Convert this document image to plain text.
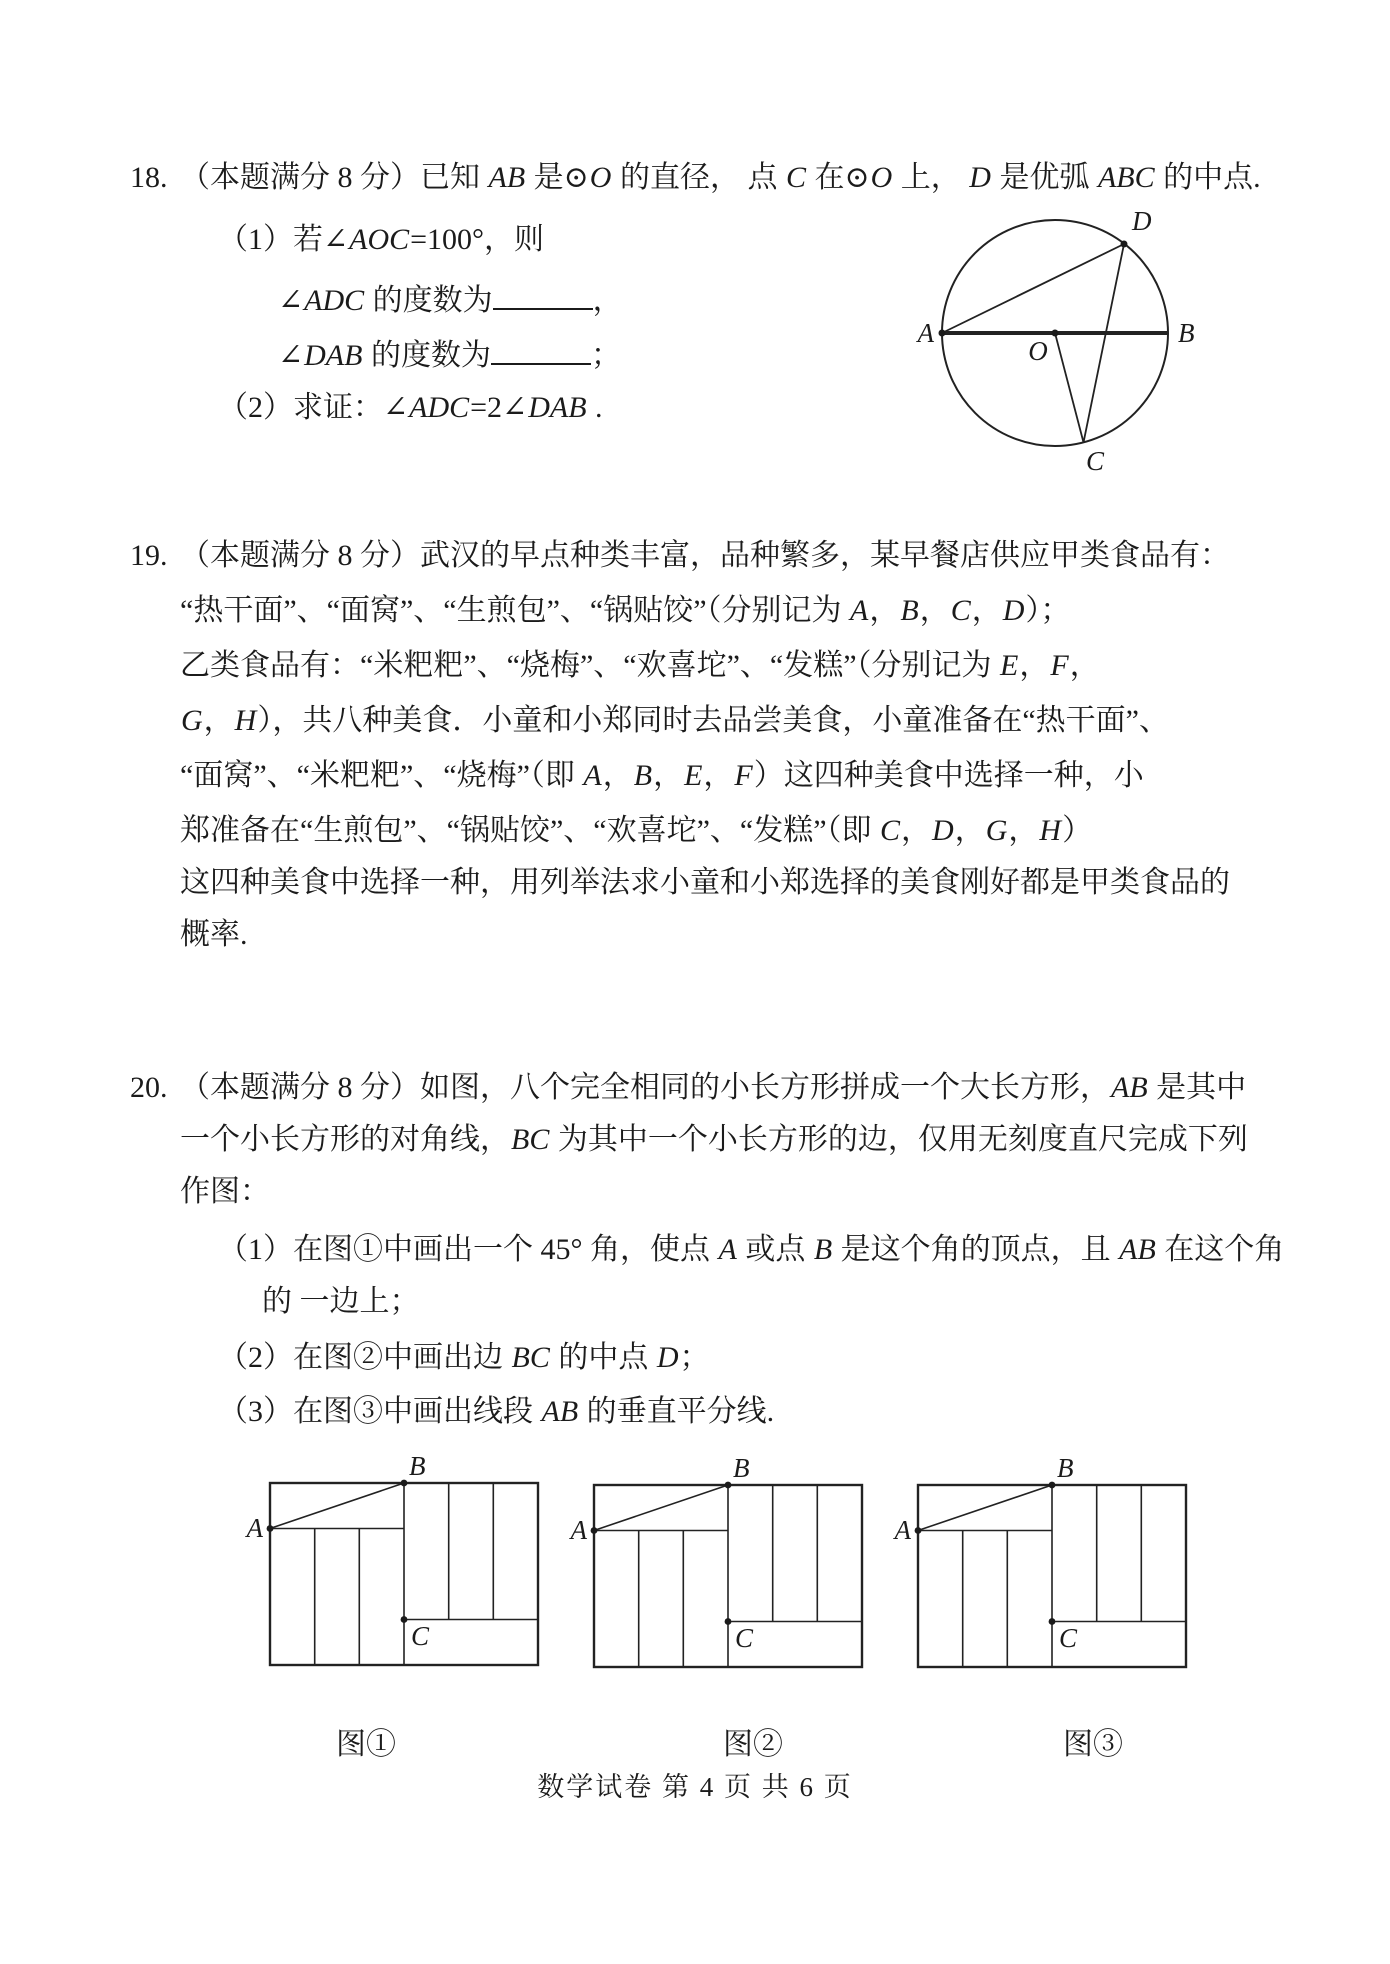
18. （本题满分 8 分）已知 AB 是⊙O 的直径， 点 C 在⊙O 上， D 是优弧 ABC 的中点.
（1）若∠AOC=100°，则
∠ADC 的度数为	，
∠DAB 的度数为	；
（2）求证：∠ADC=2∠DAB .
A	B
D
C
O
19. （本题满分 8 分）武汉的早点种类丰富，品种繁多，某早餐店供应甲类食品有：
“热干面”、“面窝”、“生煎包”、“锅贴饺”（分别记为 A，B，C，D）；
乙类食品有：“米粑粑”、“烧梅”、“欢喜坨”、“发糕”（分别记为 E，F，
G，H），共八种美食．小童和小郑同时去品尝美食，小童准备在“热干面”、
“面窝”、“米粑粑”、“烧梅”（即 A，B，E，F）这四种美食中选择一种，小
郑准备在“生煎包”、“锅贴饺”、“欢喜坨”、“发糕”（即 C，D，G，H）
这四种美食中选择一种，用列举法求小童和小郑选择的美食刚好都是甲类食品的
概率.
20. （本题满分 8 分）如图，八个完全相同的小长方形拼成一个大长方形，AB 是其中
一个小长方形的对角线，BC 为其中一个小长方形的边，仅用无刻度直尺完成下列
作图：
（1）在图①中画出一个 45° 角，使点 A 或点 B 是这个角的顶点，且 AB 在这个角
的 一边上；
（2）在图②中画出边 BC 的中点 D；
（3）在图③中画出线段 AB 的垂直平分线.
A
B
C
A
B
C
A
B
C
图①	图②	图③
数学试卷 第 4 页 共 6 页
